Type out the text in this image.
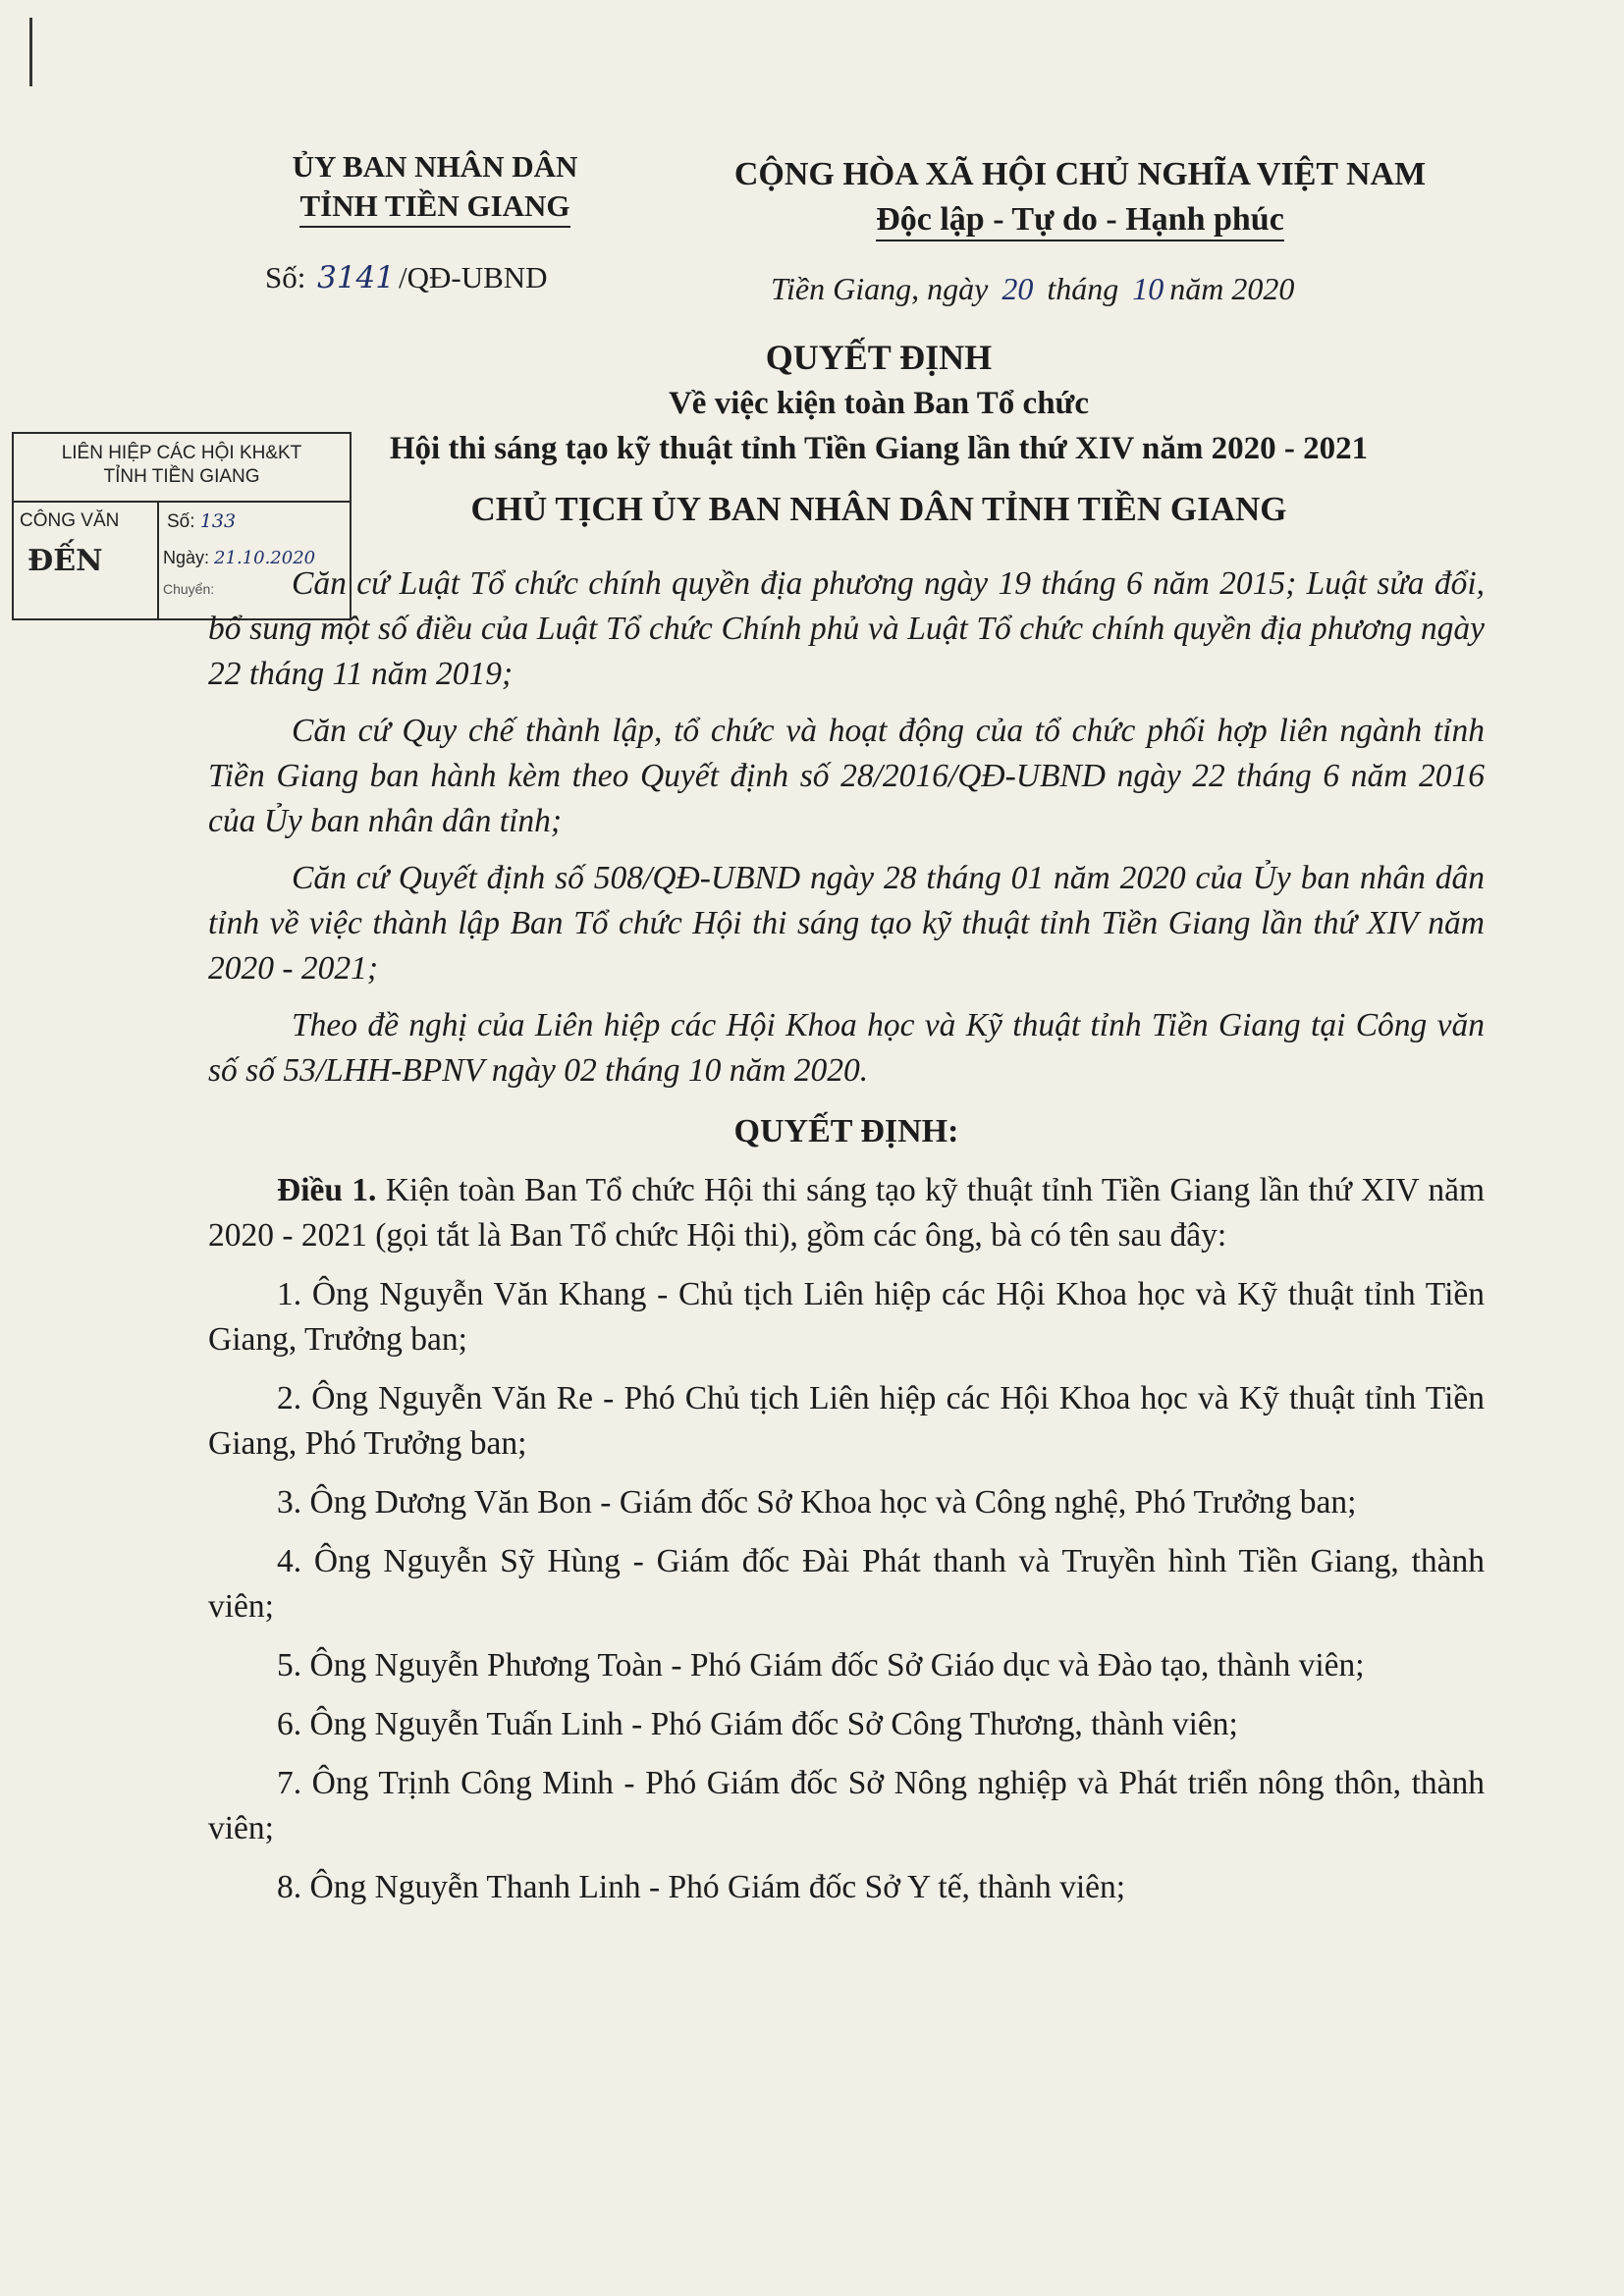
ỦY BAN NHÂN DÂN
TỈNH TIỀN GIANG
CỘNG HÒA XÃ HỘI CHỦ NGHĨA VIỆT NAM
Độc lập - Tự do - Hạnh phúc
Số: 3141 /QĐ-UBND	Tiền Giang, ngày 20 tháng 10 năm 2020
QUYẾT ĐỊNH
Về việc kiện toàn Ban Tổ chức
Hội thi sáng tạo kỹ thuật tỉnh Tiền Giang lần thứ XIV năm 2020 - 2021
CHỦ TỊCH ỦY BAN NHÂN DÂN TỈNH TIỀN GIANG
LIÊN HIỆP CÁC HỘI KH&KT
TỈNH TIỀN GIANG
CÔNG VĂN
ĐẾN
Số: 133
Ngày: 21.10.2020
Chuyển:	Căn cứ Luật Tổ chức chính quyền địa phương ngày 19 tháng 6 năm 2015; Luật sửa đổi, bổ sung một số điều của Luật Tổ chức Chính phủ và Luật Tổ chức chính quyền địa phương ngày 22 tháng 11 năm 2019;

Căn cứ Quy chế thành lập, tổ chức và hoạt động của tổ chức phối hợp liên ngành tỉnh Tiền Giang ban hành kèm theo Quyết định số 28/2016/QĐ-UBND ngày 22 tháng 6 năm 2016 của Ủy ban nhân dân tỉnh;

Căn cứ Quyết định số 508/QĐ-UBND ngày 28 tháng 01 năm 2020 của Ủy ban nhân dân tỉnh về việc thành lập Ban Tổ chức Hội thi sáng tạo kỹ thuật tỉnh Tiền Giang lần thứ XIV năm 2020 - 2021;

Theo đề nghị của Liên hiệp các Hội Khoa học và Kỹ thuật tỉnh Tiền Giang tại Công văn số số 53/LHH-BPNV ngày 02 tháng 10 năm 2020.

QUYẾT ĐỊNH:

Điều 1. Kiện toàn Ban Tổ chức Hội thi sáng tạo kỹ thuật tỉnh Tiền Giang lần thứ XIV năm 2020 - 2021 (gọi tắt là Ban Tổ chức Hội thi), gồm các ông, bà có tên sau đây:

1. Ông Nguyễn Văn Khang - Chủ tịch Liên hiệp các Hội Khoa học và Kỹ thuật tỉnh Tiền Giang, Trưởng ban;

2. Ông Nguyễn Văn Re - Phó Chủ tịch Liên hiệp các Hội Khoa học và Kỹ thuật tỉnh Tiền Giang, Phó Trưởng ban;

3. Ông Dương Văn Bon - Giám đốc Sở Khoa học và Công nghệ, Phó Trưởng ban;

4. Ông Nguyễn Sỹ Hùng - Giám đốc Đài Phát thanh và Truyền hình Tiền Giang, thành viên;

5. Ông Nguyễn Phương Toàn - Phó Giám đốc Sở Giáo dục và Đào tạo, thành viên;

6. Ông Nguyễn Tuấn Linh - Phó Giám đốc Sở Công Thương, thành viên;

7. Ông Trịnh Công Minh - Phó Giám đốc Sở Nông nghiệp và Phát triển nông thôn, thành viên;

8. Ông Nguyễn Thanh Linh - Phó Giám đốc Sở Y tế, thành viên;
